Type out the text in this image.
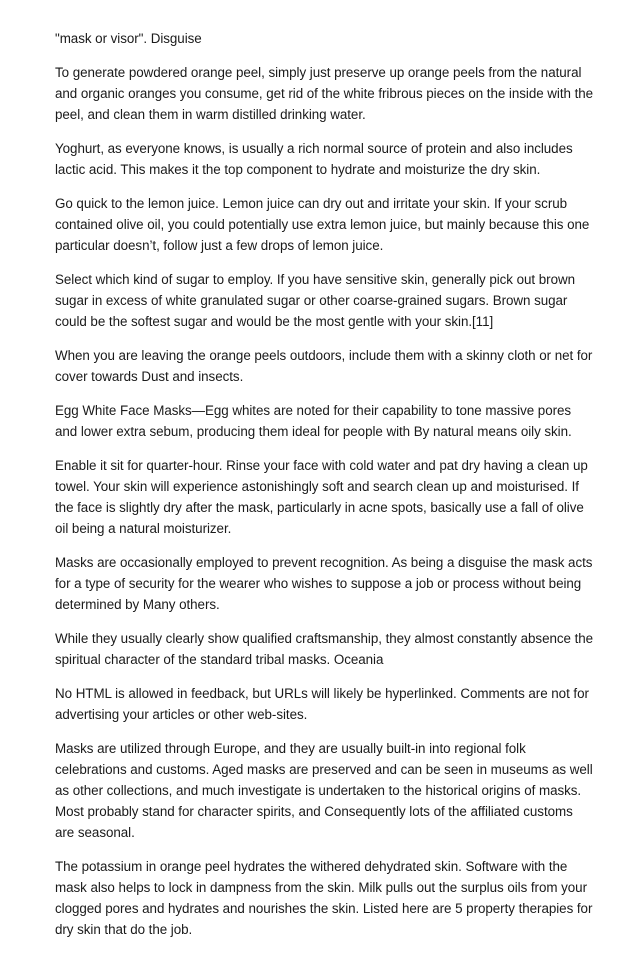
"mask or visor". Disguise

To generate powdered orange peel, simply just preserve up orange peels from the natural and organic oranges you consume, get rid of the white fribrous pieces on the inside with the peel, and clean them in warm distilled drinking water.

Yoghurt, as everyone knows, is usually a rich normal source of protein and also includes lactic acid. This makes it the top component to hydrate and moisturize the dry skin.

Go quick to the lemon juice. Lemon juice can dry out and irritate your skin. If your scrub contained olive oil, you could potentially use extra lemon juice, but mainly because this one particular doesn’t, follow just a few drops of lemon juice.

Select which kind of sugar to employ. If you have sensitive skin, generally pick out brown sugar in excess of white granulated sugar or other coarse-grained sugars. Brown sugar could be the softest sugar and would be the most gentle with your skin.[11]

When you are leaving the orange peels outdoors, include them with a skinny cloth or net for cover towards Dust and insects.

Egg White Face Masks—Egg whites are noted for their capability to tone massive pores and lower extra sebum, producing them ideal for people with By natural means oily skin.

Enable it sit for quarter-hour. Rinse your face with cold water and pat dry having a clean up towel. Your skin will experience astonishingly soft and search clean up and moisturised. If the face is slightly dry after the mask, particularly in acne spots, basically use a fall of olive oil being a natural moisturizer.

Masks are occasionally employed to prevent recognition. As being a disguise the mask acts for a type of security for the wearer who wishes to suppose a job or process without being determined by Many others.

While they usually clearly show qualified craftsmanship, they almost constantly absence the spiritual character of the standard tribal masks. Oceania

No HTML is allowed in feedback, but URLs will likely be hyperlinked. Comments are not for advertising your articles or other web-sites.

Masks are utilized through Europe, and they are usually built-in into regional folk celebrations and customs. Aged masks are preserved and can be seen in museums as well as other collections, and much investigate is undertaken to the historical origins of masks. Most probably stand for character spirits, and Consequently lots of the affiliated customs are seasonal.

The potassium in orange peel hydrates the withered dehydrated skin. Software with the mask also helps to lock in dampness from the skin. Milk pulls out the surplus oils from your clogged pores and hydrates and nourishes the skin. Listed here are 5 property therapies for dry skin that do the job.
